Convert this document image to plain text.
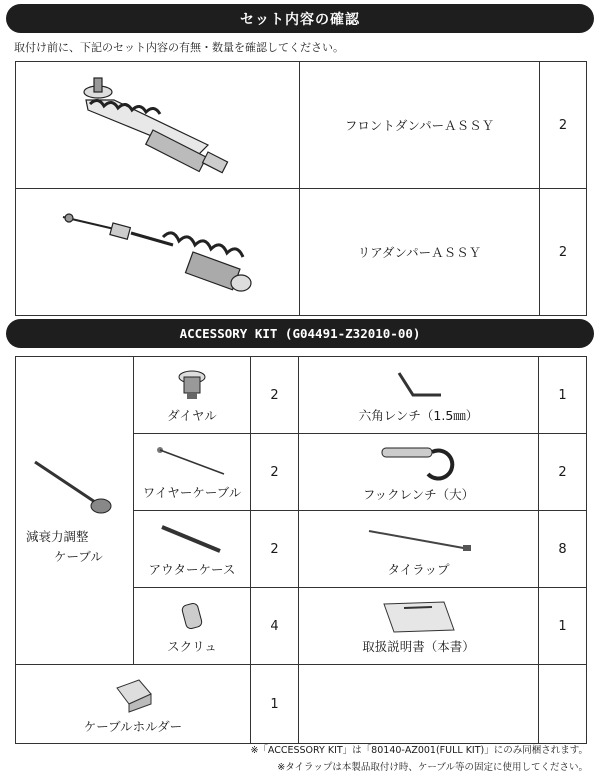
セット内容の確認
取付け前に、下記のセット内容の有無・数量を確認してください。
	フロントダンパーＡＳＳＹ	2

	リアダンパーＡＳＳＹ	2
ACCESSORY KIT (G04491-Z32010-00)
減衰力調整
ケーブル	ダイヤル	2	六角レンチ（1.5㎜）	1

	ワイヤーケーブル	2	フックレンチ（大）	2

	アウターケース	2	タイラップ	8

	スクリュ	4	取扱説明書（本書）	1

ケーブルホルダー		1		
※「ACCESSORY KIT」は「80140-AZ001(FULL KIT)」にのみ同梱されます。
※タイラップは本製品取付け時、ケーブル等の固定に使用してください。
